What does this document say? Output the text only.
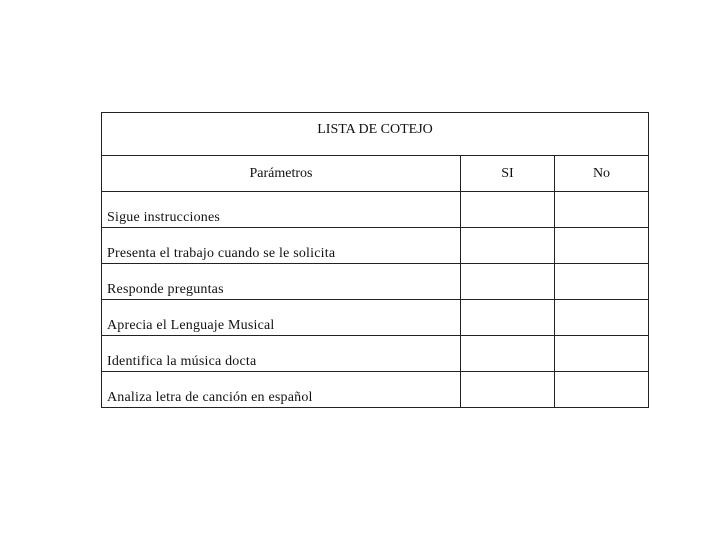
LISTA DE COTEJO		
Parámetros	SI	No
Sigue instrucciones		
Presenta el trabajo cuando se le solicita		
Responde preguntas		
Aprecia el Lenguaje Musical		
Identifica la música docta		
Analiza letra de canción en español		
